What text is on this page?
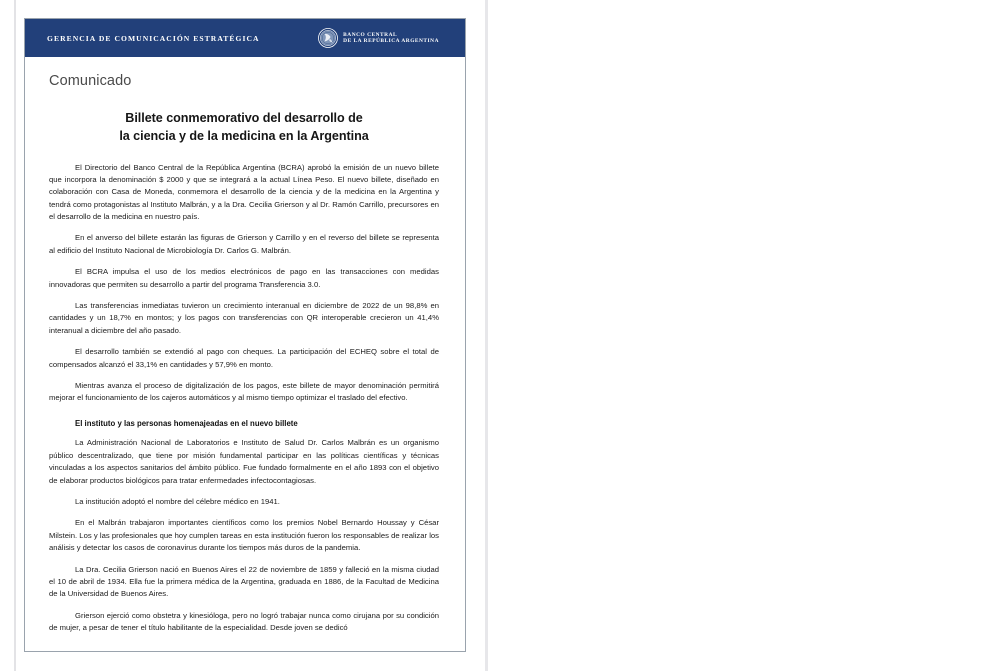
GERENCIA DE COMUNICACIÓN ESTRATÉGICA	BANCO CENTRAL
DE LA REPÚBLICA ARGENTINA
Comunicado
Billete conmemorativo del desarrollo de
la ciencia y de la medicina en la Argentina

El Directorio del Banco Central de la República Argentina (BCRA) aprobó la emisión de un nuevo billete que incorpora la denominación $ 2000 y que se integrará a la actual Línea Peso. El nuevo billete, diseñado en colaboración con Casa de Moneda, conmemora el desarrollo de la ciencia y de la medicina en la Argentina y tendrá como protagonistas al Instituto Malbrán, y a la Dra. Cecilia Grierson y al Dr. Ramón Carrillo, precursores en el desarrollo de la medicina en nuestro país.

En el anverso del billete estarán las figuras de Grierson y Carrillo y en el reverso del billete se representa al edificio del Instituto Nacional de Microbiología Dr. Carlos G. Malbrán.

El BCRA impulsa el uso de los medios electrónicos de pago en las transacciones con medidas innovadoras que permiten su desarrollo a partir del programa Transferencia 3.0.

Las transferencias inmediatas tuvieron un crecimiento interanual en diciembre de 2022 de un 98,8% en cantidades y un 18,7% en montos; y los pagos con transferencias con QR interoperable crecieron un 41,4% interanual a diciembre del año pasado.

El desarrollo también se extendió al pago con cheques. La participación del ECHEQ sobre el total de compensados alcanzó el 33,1% en cantidades y 57,9% en monto.

Mientras avanza el proceso de digitalización de los pagos, este billete de mayor denominación permitirá mejorar el funcionamiento de los cajeros automáticos y al mismo tiempo optimizar el traslado del efectivo.

El instituto y las personas homenajeadas en el nuevo billete

La Administración Nacional de Laboratorios e Instituto de Salud Dr. Carlos Malbrán es un organismo público descentralizado, que tiene por misión fundamental participar en las políticas científicas y técnicas vinculadas a los aspectos sanitarios del ámbito público. Fue fundado formalmente en el año 1893 con el objetivo de elaborar productos biológicos para tratar enfermedades infectocontagiosas.

La institución adoptó el nombre del célebre médico en 1941.

En el Malbrán trabajaron importantes científicos como los premios Nobel Bernardo Houssay y César Milstein. Los y las profesionales que hoy cumplen tareas en esta institución fueron los responsables de realizar los análisis y detectar los casos de coronavirus durante los tiempos más duros de la pandemia.

La Dra. Cecilia Grierson nació en Buenos Aires el 22 de noviembre de 1859 y falleció en la misma ciudad el 10 de abril de 1934. Ella fue la primera médica de la Argentina, graduada en 1886, de la Facultad de Medicina de la Universidad de Buenos Aires.

Grierson ejerció como obstetra y kinesióloga, pero no logró trabajar nunca como cirujana por su condición de mujer, a pesar de tener el título habilitante de la especialidad. Desde joven se dedicó
